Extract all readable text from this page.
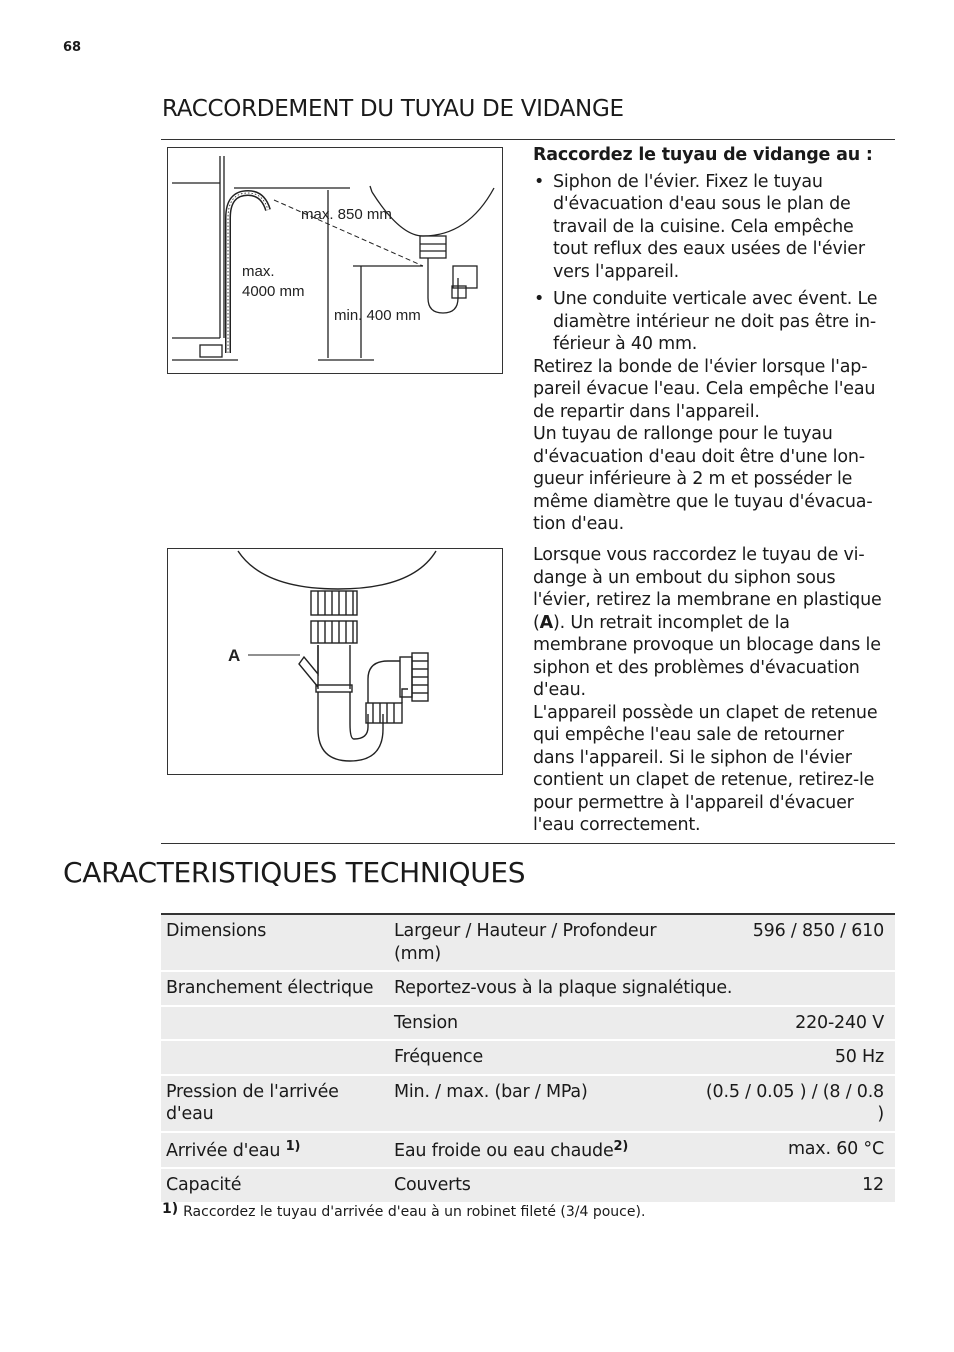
68
RACCORDEMENT DU TUYAU DE VIDANGE
max. 850 mm
max.
4000 mm
min. 400 mm
A

Raccordez le tuyau de vidange au :

• Siphon de l'évier. Fixez le tuyau d'évacuation d'eau sous le plan de travail de la cuisine. Cela empêche tout reflux des eaux usées de l'évier vers l'appareil.
• Une conduite verticale avec évent. Le diamètre intérieur ne doit pas être inférieur à 40 mm.

Retirez la bonde de l'évier lorsque l'appareil évacue l'eau. Cela empêche l'eau de repartir dans l'appareil.

Un tuyau de rallonge pour le tuyau d'évacuation d'eau doit être d'une longueur inférieure à 2 m et posséder le même diamètre que le tuyau d'évacuation d'eau.

Lorsque vous raccordez le tuyau de vidange à un embout du siphon sous l'évier, retirez la membrane en plastique (A). Un retrait incomplet de la membrane provoque un blocage dans le siphon et des problèmes d'évacuation d'eau.

L'appareil possède un clapet de retenue qui empêche l'eau sale de retourner dans l'appareil. Si le siphon de l'évier contient un clapet de retenue, retirez-le pour permettre à l'appareil d'évacuer l'eau correctement.

CARACTERISTIQUES TECHNIQUES
Dimensions	Largeur / Hauteur / Profondeur (mm)	596 / 850 / 610
Branchement électrique	Reportez-vous à la plaque signalétique.	
	Tension	220-240 V
	Fréquence	50 Hz
Pression de l'arrivée d'eau	Min. / max. (bar / MPa)	(0.5 / 0.05 ) / (8 / 0.8 )
Arrivée d'eau $^{1)}$	Eau froide ou eau chaude$^{2)}$	max. 60 °C
Capacité	Couverts	12
1) Raccordez le tuyau d'arrivée d'eau à un robinet fileté (3/4 pouce).
